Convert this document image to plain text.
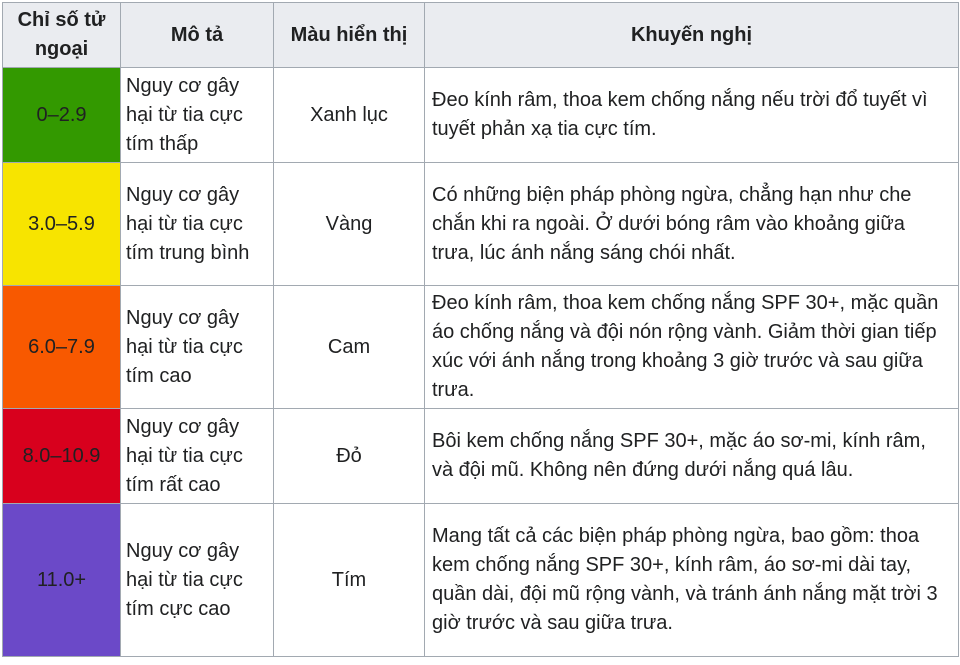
Chỉ số tử ngoại	Mô tả	Màu hiển thị	Khuyến nghị
0–2.9	Nguy cơ gây hại từ tia cực tím thấp	Xanh lục	Đeo kính râm, thoa kem chống nắng nếu trời đổ tuyết vì tuyết phản xạ tia cực tím.
3.0–5.9	Nguy cơ gây hại từ tia cực tím trung bình	Vàng	Có những biện pháp phòng ngừa, chẳng hạn như che chắn khi ra ngoài. Ở dưới bóng râm vào khoảng giữa trưa, lúc ánh nắng sáng chói nhất.
6.0–7.9	Nguy cơ gây hại từ tia cực tím cao	Cam	Đeo kính râm, thoa kem chống nắng SPF 30+, mặc quần áo chống nắng và đội nón rộng vành. Giảm thời gian tiếp xúc với ánh nắng trong khoảng 3 giờ trước và sau giữa trưa.
8.0–10.9	Nguy cơ gây hại từ tia cực tím rất cao	Đỏ	Bôi kem chống nắng SPF 30+, mặc áo sơ-mi, kính râm, và đội mũ. Không nên đứng dưới nắng quá lâu.
11.0+	Nguy cơ gây hại từ tia cực tím cực cao	Tím	Mang tất cả các biện pháp phòng ngừa, bao gồm: thoa kem chống nắng SPF 30+, kính râm, áo sơ-mi dài tay, quần dài, đội mũ rộng vành, và tránh ánh nắng mặt trời 3 giờ trước và sau giữa trưa.
